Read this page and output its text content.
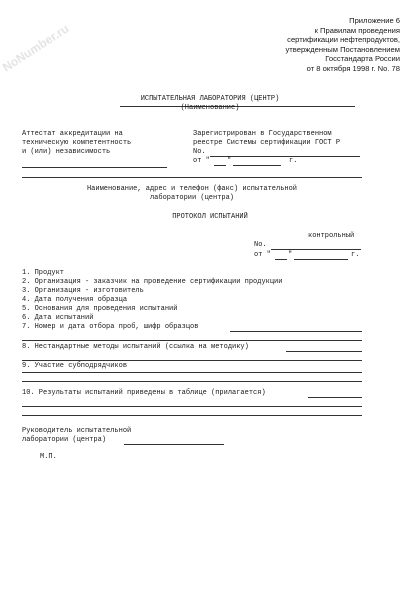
NoNumber.ru
Приложение 6
к Правилам проведения
сертификации нефтепродуктов,
утвержденным Постановлением
Госстандарта России
от 8 октября 1998 г. No. 78
ИСПЫТАТЕЛЬНАЯ ЛАБОРАТОРИЯ (ЦЕНТР)
(Наименование)
Аттестат аккредитации на
техническую компетентность
и (или) независимость
Зарегистрирован в Государственном
реестре Системы сертификации ГОСТ Р
No.
от " "	г.
Наименование, адрес и телефон (факс) испытательной
лаборатории (центра)
ПРОТОКОЛ ИСПЫТАНИЙ
контрольный
No.
от " "	г.
1. Продукт
2. Организация - заказчик на проведение сертификации продукции
3. Организация - изготовитель
4. Дата получения образца
5. Основания для проведения испытаний
6. Дата испытаний
7. Номер и дата отбора проб, шифр образцов
8. Нестандартные методы испытаний (ссылка на методику)
9. Участие субподрядчиков
10. Результаты испытаний приведены в таблице (прилагается)
Руководитель испытательной
лаборатории (центра)
М.П.
